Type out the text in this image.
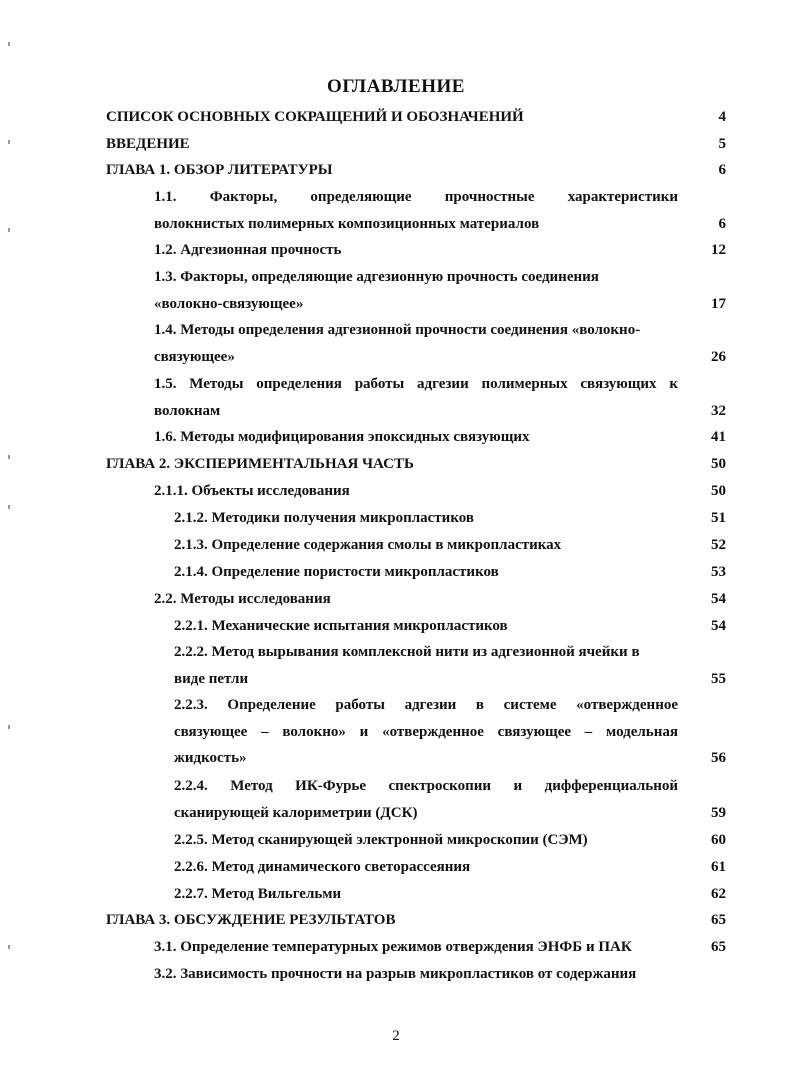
ОГЛАВЛЕНИЕ
СПИСОК ОСНОВНЫХ СОКРАЩЕНИЙ И ОБОЗНАЧЕНИЙ	4
ВВЕДЕНИЕ	5
ГЛАВА 1. ОБЗОР ЛИТЕРАТУРЫ	6
1.1. Факторы, определяющие прочностные характеристики
волокнистых полимерных композиционных материалов	6
1.2. Адгезионная прочность	12
1.3. Факторы, определяющие адгезионную прочность соединения
«волокно-связующее»	17
1.4. Методы определения адгезионной прочности соединения «волокно-
связующее»	26
1.5. Методы определения работы адгезии полимерных связующих к
волокнам	32
1.6. Методы модифицирования эпоксидных связующих	41
ГЛАВА 2. ЭКСПЕРИМЕНТАЛЬНАЯ ЧАСТЬ	50
2.1.1. Объекты исследования	50
2.1.2. Методики получения микропластиков	51
2.1.3. Определение содержания смолы в микропластиках	52
2.1.4. Определение пористости микропластиков	53
2.2. Методы исследования	54
2.2.1. Механические испытания микропластиков	54
2.2.2. Метод вырывания комплексной нити из адгезионной ячейки в
виде петли	55
2.2.3. Определение работы адгезии в системе «отвержденное
связующее – волокно» и «отвержденное связующее – модельная
жидкость»	56
2.2.4. Метод ИК-Фурье спектроскопии и дифференциальной
сканирующей калориметрии (ДСК)	59
2.2.5. Метод сканирующей электронной микроскопии (СЭМ)	60
2.2.6. Метод динамического светорассеяния	61
2.2.7. Метод Вильгельми	62
ГЛАВА 3. ОБСУЖДЕНИЕ РЕЗУЛЬТАТОВ	65
3.1. Определение температурных режимов отверждения ЭНФБ и ПАК	65
3.2. Зависимость прочности на разрыв микропластиков от содержания
2
